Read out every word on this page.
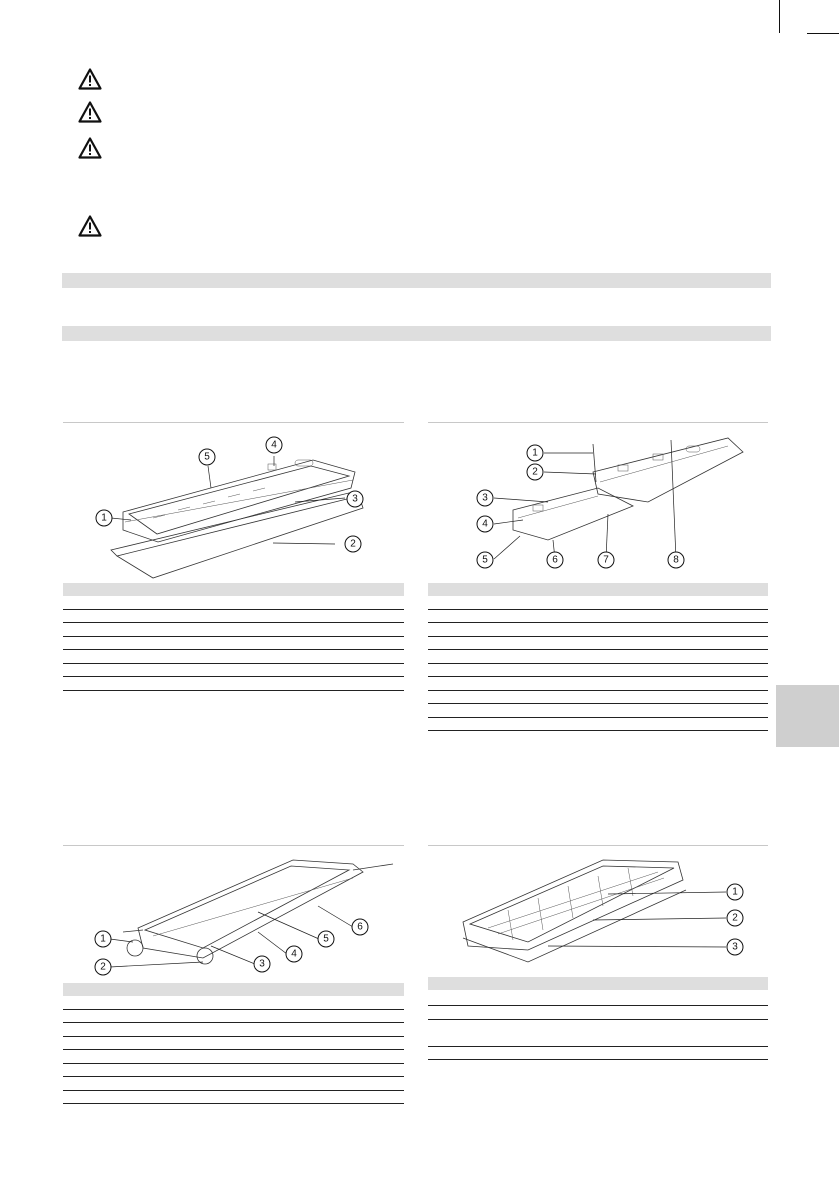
1
2
3
4
5	1
2
3
4
5	6	7	8
1
2	3
4
5
6
1
2
3
